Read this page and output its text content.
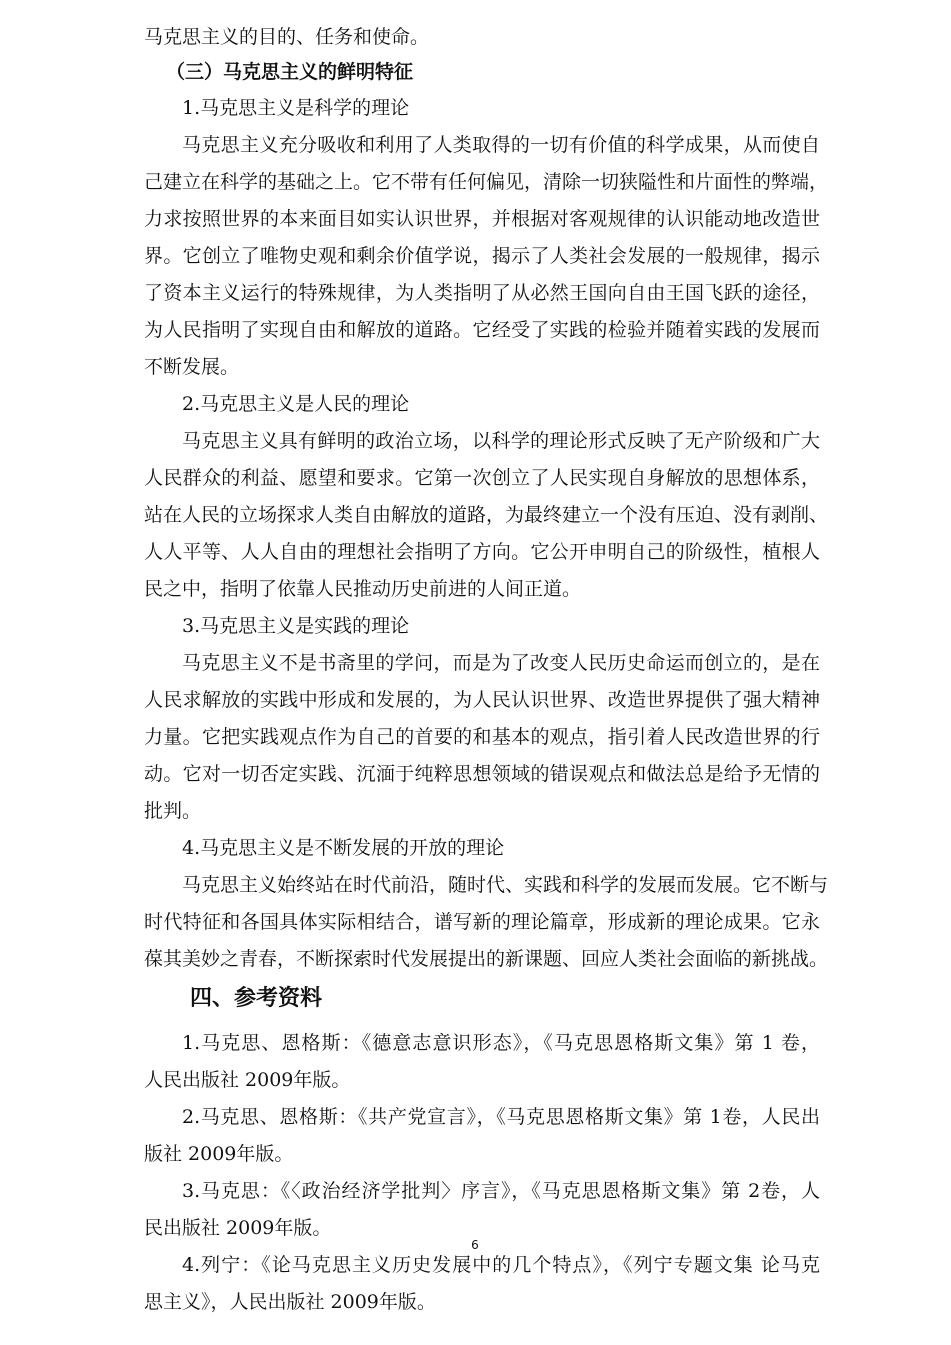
马克思主义的目的、任务和使命。
（三）马克思主义的鲜明特征
1.马克思主义是科学的理论
马克思主义充分吸收和利用了人类取得的一切有价值的科学成果，从而使自
己建立在科学的基础之上。它不带有任何偏见，清除一切狭隘性和片面性的弊端，
力求按照世界的本来面目如实认识世界，并根据对客观规律的认识能动地改造世
界。它创立了唯物史观和剩余价值学说，揭示了人类社会发展的一般规律，揭示
了资本主义运行的特殊规律，为人类指明了从必然王国向自由王国飞跃的途径，
为人民指明了实现自由和解放的道路。它经受了实践的检验并随着实践的发展而
不断发展。
2.马克思主义是人民的理论
马克思主义具有鲜明的政治立场，以科学的理论形式反映了无产阶级和广大
人民群众的利益、愿望和要求。它第一次创立了人民实现自身解放的思想体系，
站在人民的立场探求人类自由解放的道路，为最终建立一个没有压迫、没有剥削、
人人平等、人人自由的理想社会指明了方向。它公开申明自己的阶级性，植根人
民之中，指明了依靠人民推动历史前进的人间正道。
3.马克思主义是实践的理论
马克思主义不是书斋里的学问，而是为了改变人民历史命运而创立的，是在
人民求解放的实践中形成和发展的，为人民认识世界、改造世界提供了强大精神
力量。它把实践观点作为自己的首要的和基本的观点，指引着人民改造世界的行
动。它对一切否定实践、沉湎于纯粹思想领域的错误观点和做法总是给予无情的
批判。
4.马克思主义是不断发展的开放的理论
马克思主义始终站在时代前沿，随时代、实践和科学的发展而发展。它不断与
时代特征和各国具体实际相结合，谱写新的理论篇章，形成新的理论成果。它永
葆其美妙之青春，不断探索时代发展提出的新课题、回应人类社会面临的新挑战。
四、参考资料
1.马克思、恩格斯：《德意志意识形态》，《马克思恩格斯文集》第 1 卷，
人民出版社 2009年版。
2.马克思、恩格斯：《共产党宣言》，《马克思恩格斯文集》第 1卷，人民出
版社 2009年版。
3.马克思：《〈政治经济学批判〉序言》，《马克思恩格斯文集》第 2卷，人
民出版社 2009年版。
6
4.列宁：《论马克思主义历史发展中的几个特点》，《列宁专题文集 论马克
思主义》，人民出版社 2009年版。
